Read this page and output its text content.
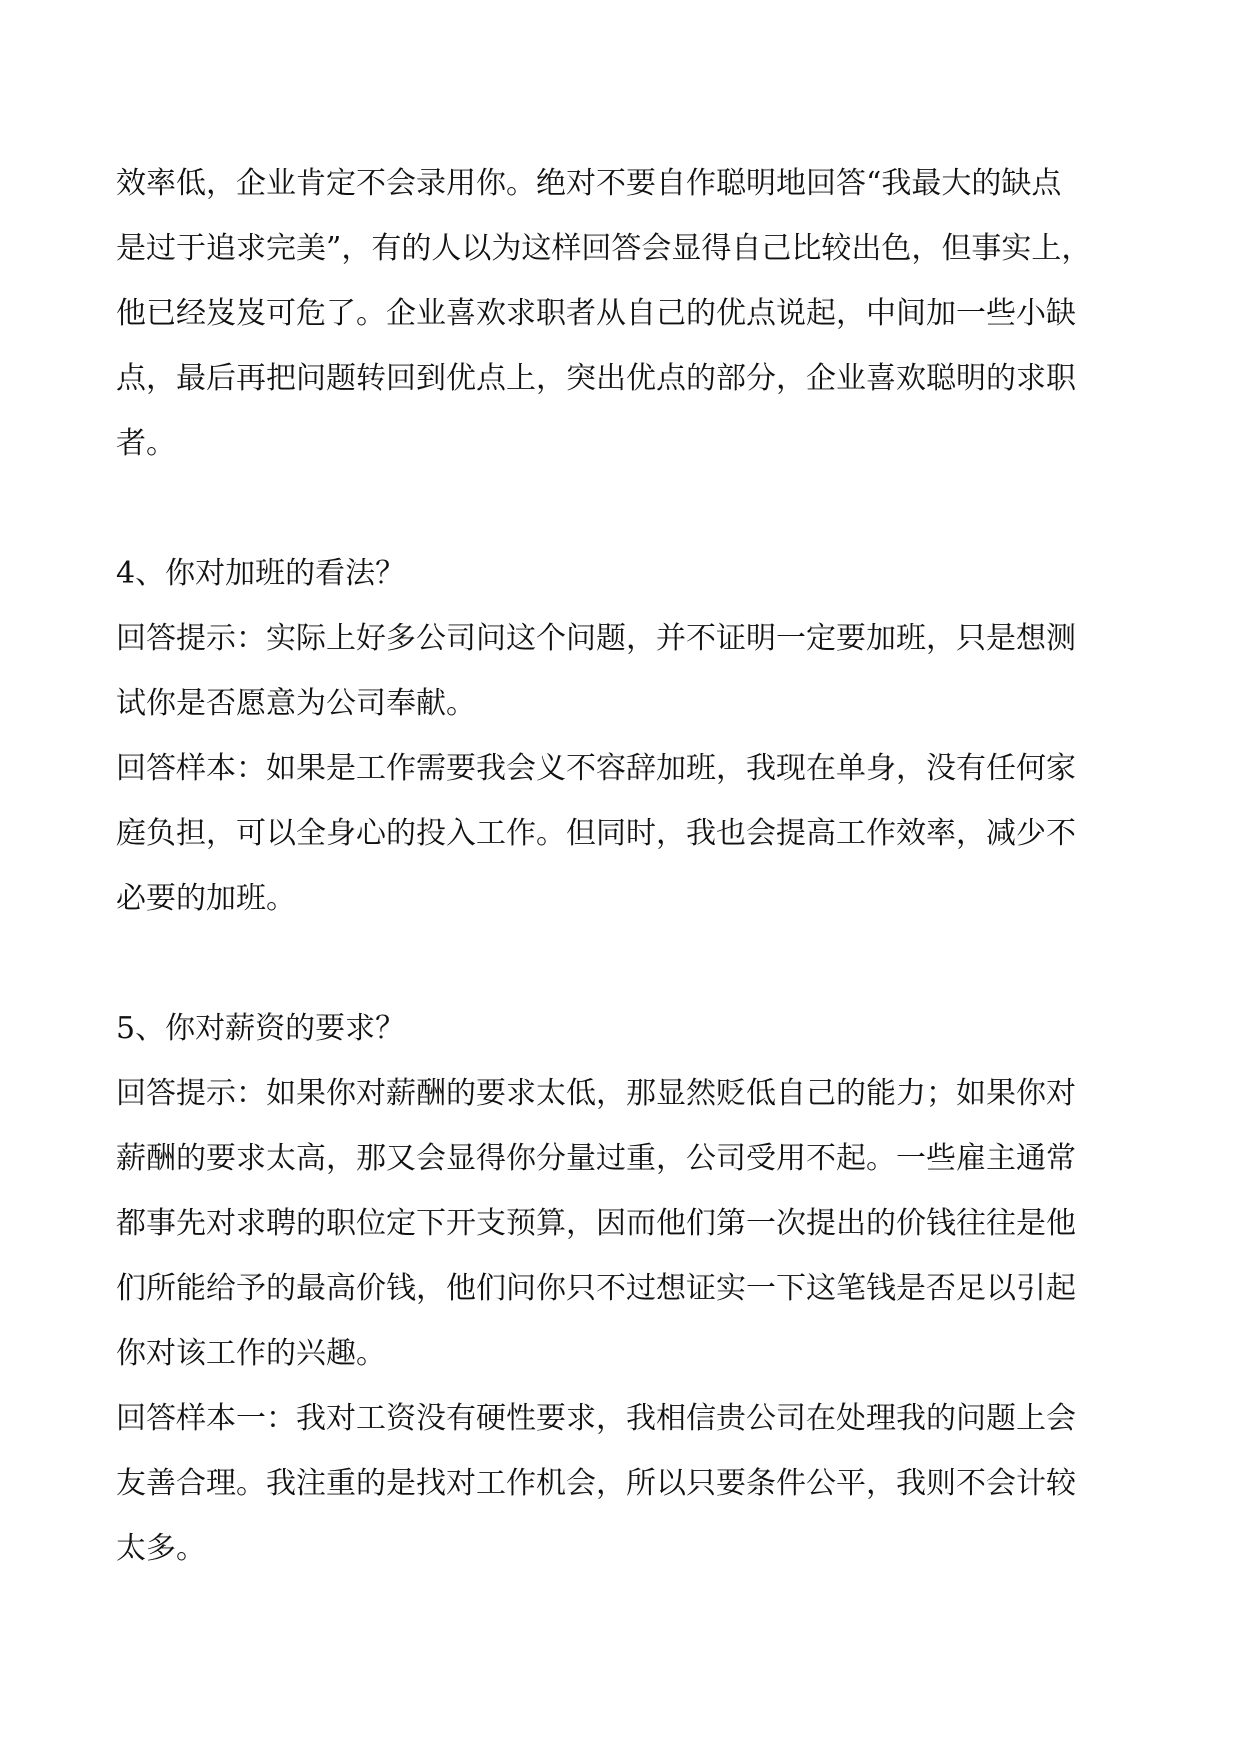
效率低，企业肯定不会录用你。绝对不要自作聪明地回答“我最大的缺点
是过于追求完美”，有的人以为这样回答会显得自己比较出色，但事实上，
他已经岌岌可危了。企业喜欢求职者从自己的优点说起，中间加一些小缺
点，最后再把问题转回到优点上，突出优点的部分，企业喜欢聪明的求职
者。
4、你对加班的看法？
回答提示：实际上好多公司问这个问题，并不证明一定要加班，只是想测
试你是否愿意为公司奉献。
回答样本：如果是工作需要我会义不容辞加班，我现在单身，没有任何家
庭负担，可以全身心的投入工作。但同时，我也会提高工作效率，减少不
必要的加班。
5、你对薪资的要求？
回答提示：如果你对薪酬的要求太低，那显然贬低自己的能力；如果你对
薪酬的要求太高，那又会显得你分量过重，公司受用不起。一些雇主通常
都事先对求聘的职位定下开支预算，因而他们第一次提出的价钱往往是他
们所能给予的最高价钱，他们问你只不过想证实一下这笔钱是否足以引起
你对该工作的兴趣。
回答样本一：我对工资没有硬性要求，我相信贵公司在处理我的问题上会
友善合理。我注重的是找对工作机会，所以只要条件公平，我则不会计较
太多。
